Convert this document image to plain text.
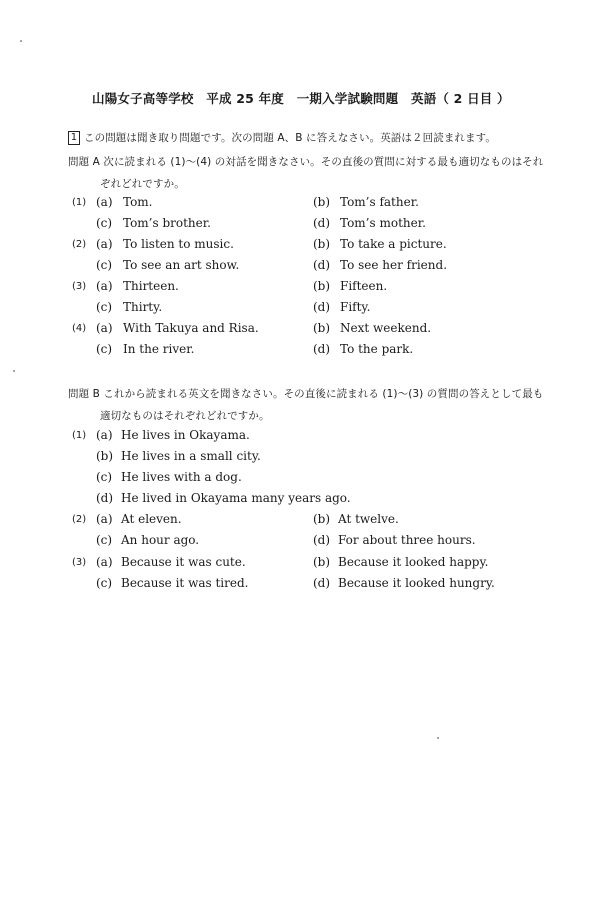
山陽女子高等学校　平成 25 年度　一期入学試験問題　英語（ 2 日目 ）
1 この問題は聞き取り問題です。次の問題 A、B に答えなさい。英語は２回読まれます。
問題 A 次に読まれる (1)～(4) の対話を聞きなさい。その直後の質問に対する最も適切なものはそれ
ぞれどれですか。
(1) (a) Tom.	(b) Tom’s father.
(c) Tom’s brother.	(d) Tom’s mother.
(2) (a) To listen to music.	(b) To take a picture.
(c) To see an art show.	(d) To see her friend.
(3) (a) Thirteen.	(b) Fifteen.
(c) Thirty.	(d) Fifty.
(4) (a) With Takuya and Risa.	(b) Next weekend.
(c) In the river.	(d) To the park.
問題 B これから読まれる英文を聞きなさい。その直後に読まれる (1)～(3) の質問の答えとして最も
適切なものはそれぞれどれですか。
(1) (a) He lives in Okayama.
(b) He lives in a small city.
(c) He lives with a dog.
(d) He lived in Okayama many years ago.
(2) (a) At eleven.	(b) At twelve.
(c) An hour ago.	(d) For about three hours.
(3) (a) Because it was cute.	(b) Because it looked happy.
(c) Because it was tired.	(d) Because it looked hungry.
